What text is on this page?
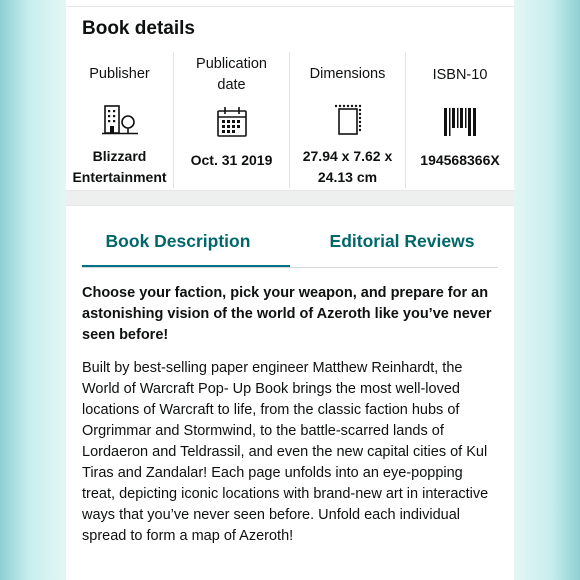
Book details
Publisher
Blizzard Entertainment
Publication date
Oct. 31 2019
Dimensions
27.94 x 7.62 x 24.13 cm
ISBN-10
194568366X
Book Description	Editorial Reviews

Choose your faction, pick your weapon, and prepare for an astonishing vision of the world of Azeroth like you’ve never seen before!

Built by best-selling paper engineer Matthew Reinhardt, the World of Warcraft Pop- Up Book brings the most well-loved locations of Warcraft to life, from the classic faction hubs of Orgrimmar and Stormwind, to the battle-scarred lands of Lordaeron and Teldrassil, and even the new capital cities of Kul Tiras and Zandalar! Each page unfolds into an eye-popping treat, depicting iconic locations with brand-new art in interactive ways that you’ve never seen before. Unfold each individual spread to form a map of Azeroth!
